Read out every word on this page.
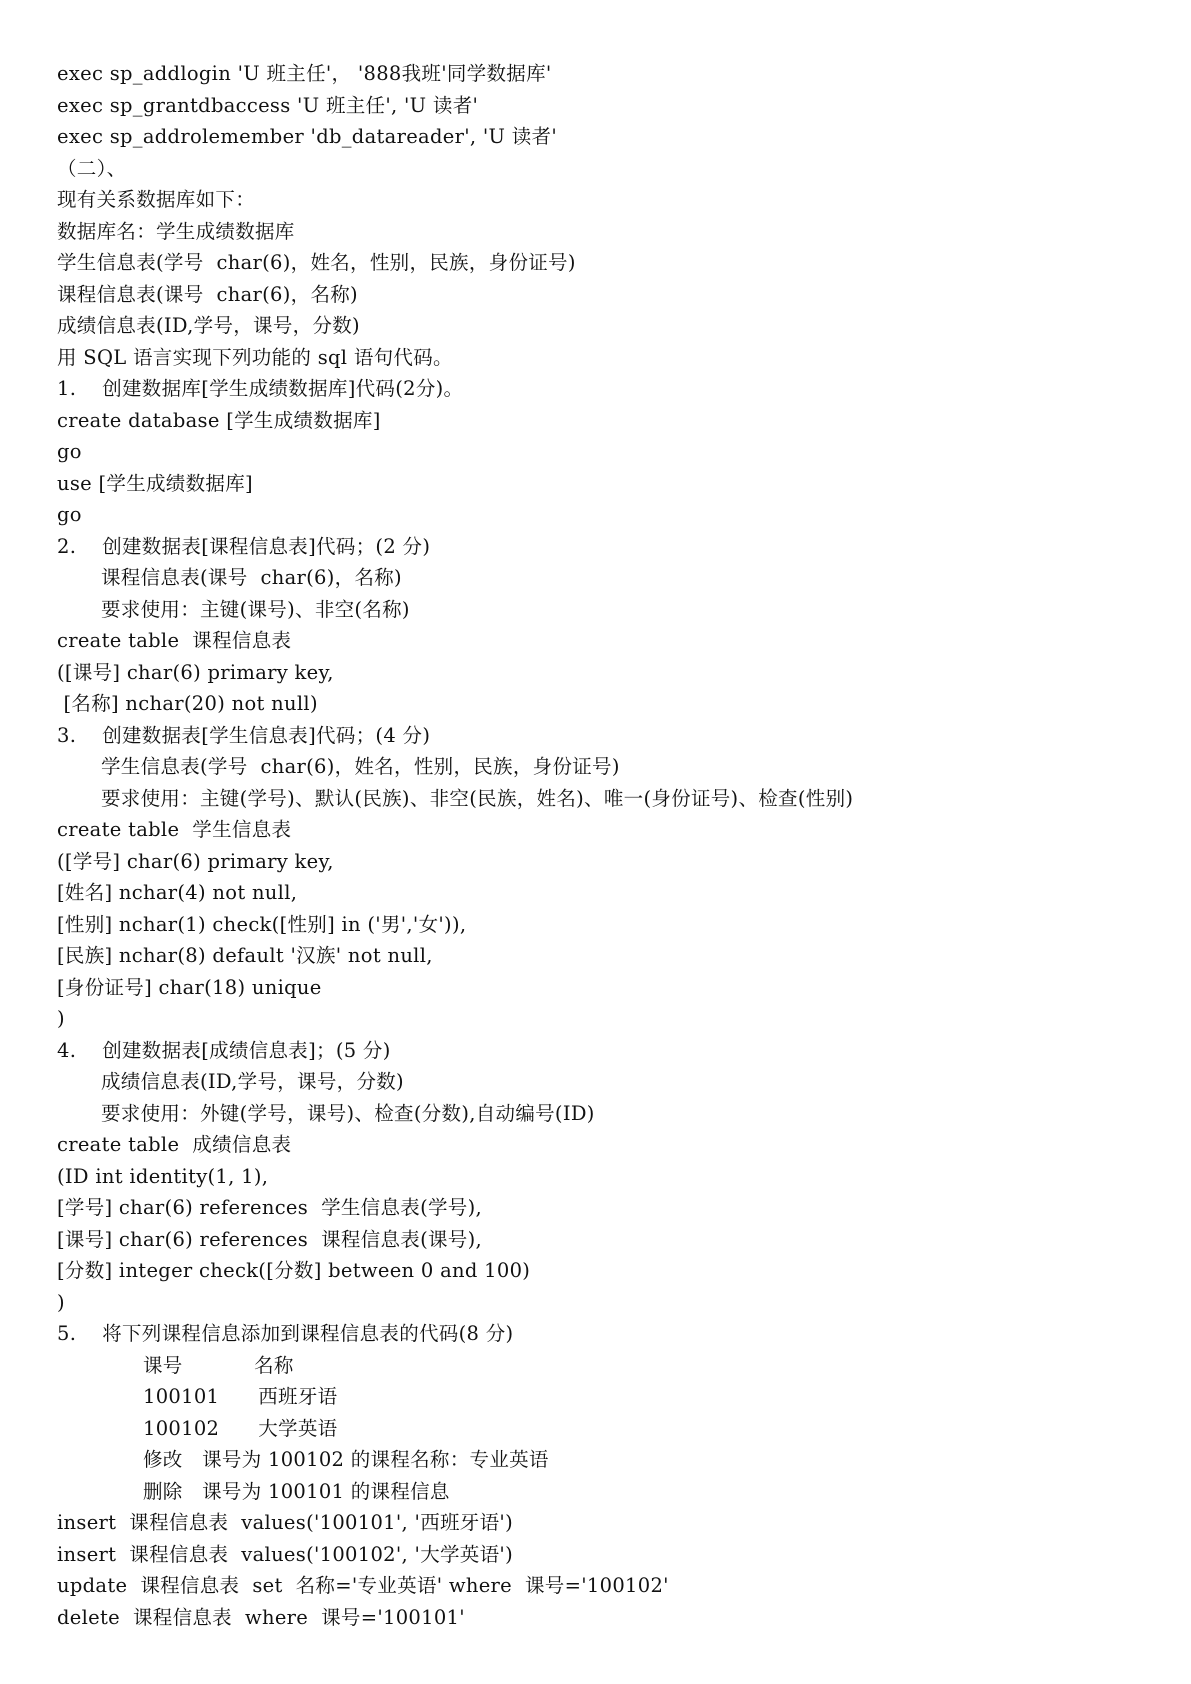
exec sp_addlogin 'U 班主任'， '888我班'同学数据库'
exec sp_grantdbaccess 'U 班主任', 'U 读者'
exec sp_addrolemember 'db_datareader', 'U 读者'
（二）、
现有关系数据库如下：
数据库名：学生成绩数据库
学生信息表(学号  char(6)，姓名，性别，民族，身份证号)
课程信息表(课号  char(6)，名称)
成绩信息表(ID,学号，课号，分数)
用 SQL 语言实现下列功能的 sql 语句代码。
1.    创建数据库[学生成绩数据库]代码(2分)。
create database [学生成绩数据库]
go
use [学生成绩数据库]
go
2.    创建数据表[课程信息表]代码；(2 分)
课程信息表(课号  char(6)，名称)
要求使用：主键(课号)、非空(名称)
create table  课程信息表
([课号] char(6) primary key,
[名称] nchar(20) not null)
3.    创建数据表[学生信息表]代码；(4 分)
学生信息表(学号  char(6)，姓名，性别，民族，身份证号)
要求使用：主键(学号)、默认(民族)、非空(民族，姓名)、唯一(身份证号)、检查(性别)
create table  学生信息表
([学号] char(6) primary key,
[姓名] nchar(4) not null,
[性别] nchar(1) check([性别] in ('男','女')),
[民族] nchar(8) default '汉族' not null,
[身份证号] char(18) unique
)
4.    创建数据表[成绩信息表]；(5 分)
成绩信息表(ID,学号，课号，分数)
要求使用：外键(学号，课号)、检查(分数),自动编号(ID)
create table  成绩信息表
(ID int identity(1, 1),
[学号] char(6) references  学生信息表(学号),
[课号] char(6) references  课程信息表(课号),
[分数] integer check([分数] between 0 and 100)
)
5.    将下列课程信息添加到课程信息表的代码(8 分)
课号           名称
100101      西班牙语
100102      大学英语
修改   课号为 100102 的课程名称：专业英语
删除   课号为 100101 的课程信息
insert  课程信息表  values('100101', '西班牙语')
insert  课程信息表  values('100102', '大学英语')
update  课程信息表  set  名称='专业英语' where  课号='100102'
delete  课程信息表  where  课号='100101'
